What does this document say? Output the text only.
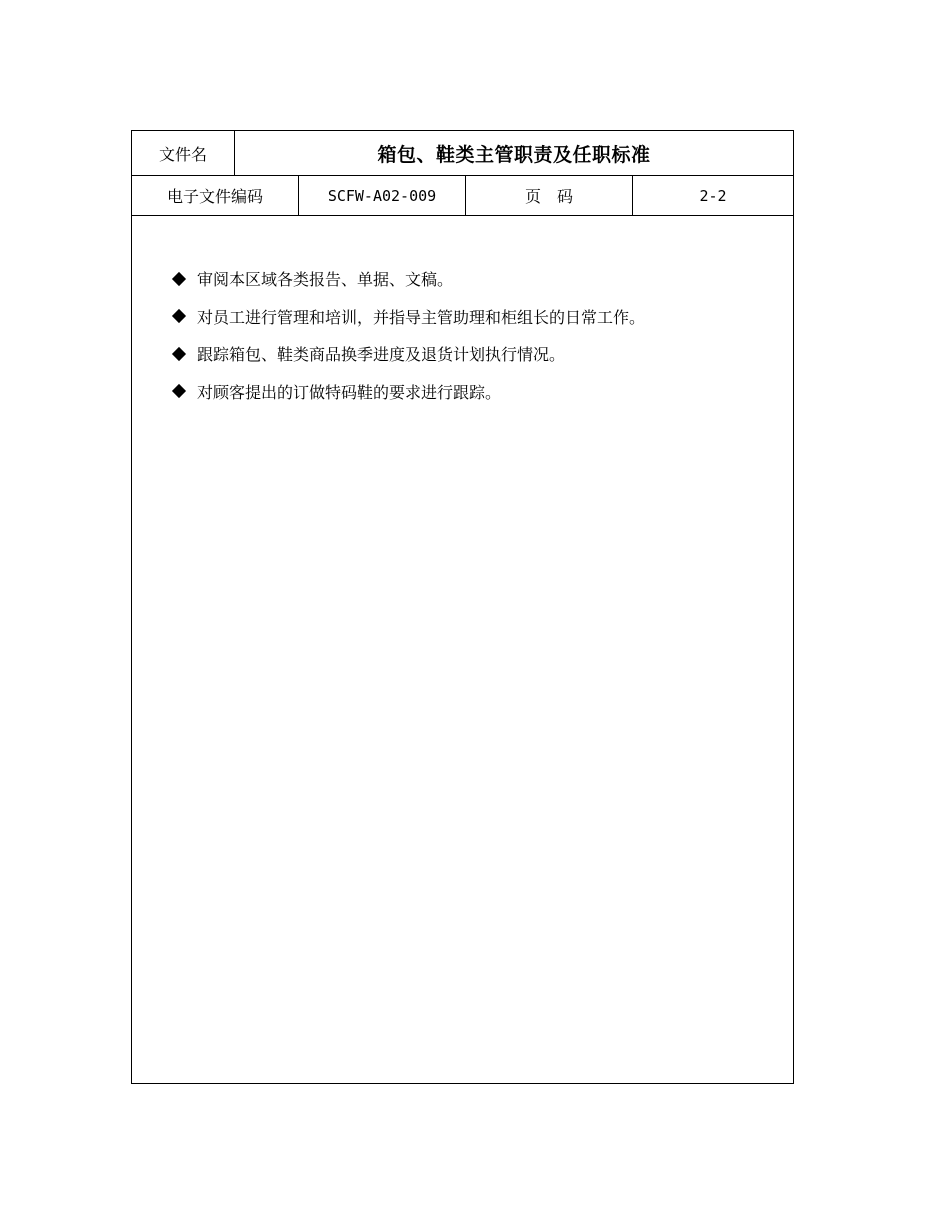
文件名	箱包、鞋类主管职责及任职标准
电子文件编码	SCFW-A02-009	页　码	2-2
审阅本区域各类报告、单据、文稿。
对员工进行管理和培训，并指导主管助理和柜组长的日常工作。
跟踪箱包、鞋类商品换季进度及退货计划执行情况。
对顾客提出的订做特码鞋的要求进行跟踪。
